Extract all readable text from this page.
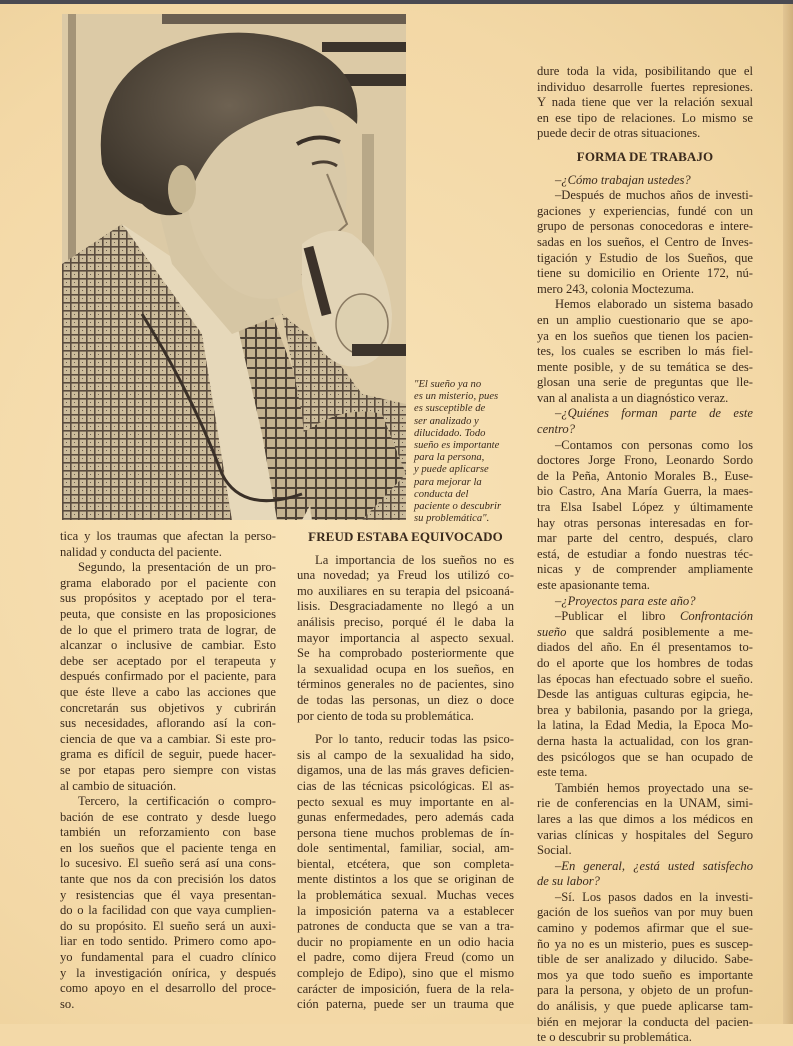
"El sueño ya no
es un misterio, pues
es susceptible de
ser analizado y
dilucidado. Todo
sueño es importante
para la persona,
y puede aplicarse
para mejorar la
conducta del
paciente o descubrir
su problemática".
tica y los traumas que afectan la perso-
nalidad y conducta del paciente.
Segundo, la presentación de un pro-
grama elaborado por el paciente con
sus propósitos y aceptado por el tera-
peuta, que consiste en las proposiciones
de lo que el primero trata de lograr, de
alcanzar o inclusive de cambiar. Esto
debe ser aceptado por el terapeuta y
después confirmado por el paciente, para
que éste lleve a cabo las acciones que
concretarán sus objetivos y cubrirán
sus necesidades, aflorando así la con-
ciencia de que va a cambiar. Si este pro-
grama es difícil de seguir, puede hacer-
se por etapas pero siempre con vistas
al cambio de situación.
Tercero, la certificación o compro-
bación de ese contrato y desde luego
también un reforzamiento con base
en los sueños que el paciente tenga en
lo sucesivo. El sueño será así una cons-
tante que nos da con precisión los datos
y resistencias que él vaya presentan-
do o la facilidad con que vaya cumplien-
do su propósito. El sueño será un auxi-
liar en todo sentido. Primero como apo-
yo fundamental para el cuadro clínico
y la investigación onírica, y después
como apoyo en el desarrollo del proce-
so.
FREUD ESTABA EQUIVOCADO
La importancia de los sueños no es
una novedad; ya Freud los utilizó co-
mo auxiliares en su terapia del psicoaná-
lisis. Desgraciadamente no llegó a un
análisis preciso, porqué él le daba la
mayor importancia al aspecto sexual.
Se ha comprobado posteriormente que
la sexualidad ocupa en los sueños, en
términos generales no de pacientes, sino
de todas las personas, un diez o doce
por ciento de toda su problemática.
Por lo tanto, reducir todas las psico-
sis al campo de la sexualidad ha sido,
digamos, una de las más graves deficien-
cias de las técnicas psicológicas. El as-
pecto sexual es muy importante en al-
gunas enfermedades, pero además cada
persona tiene muchos problemas de ín-
dole sentimental, familiar, social, am-
biental, etcétera, que son completa-
mente distintos a los que se originan de
la problemática sexual. Muchas veces
la imposición paterna va a establecer
patrones de conducta que se van a tra-
ducir no propiamente en un odio hacia
el padre, como dijera Freud (como un
complejo de Edipo), sino que el mismo
carácter de imposición, fuera de la rela-
ción paterna, puede ser un trauma que
dure toda la vida, posibilitando que el
individuo desarrolle fuertes represiones.
Y nada tiene que ver la relación sexual
en ese tipo de relaciones. Lo mismo se
puede decir de otras situaciones.
FORMA DE TRABAJO
–¿Cómo trabajan ustedes?
–Después de muchos años de investi-
gaciones y experiencias, fundé con un
grupo de personas conocedoras e intere-
sadas en los sueños, el Centro de Inves-
tigación y Estudio de los Sueños, que
tiene su domicilio en Oriente 172, nú-
mero 243, colonia Moctezuma.
Hemos elaborado un sistema basado
en un amplio cuestionario que se apo-
ya en los sueños que tienen los pacien-
tes, los cuales se escriben lo más fiel-
mente posible, y de su temática se des-
glosan una serie de preguntas que lle-
van al analista a un diagnóstico veraz.
–¿Quiénes forman parte de este
centro?
–Contamos con personas como los
doctores Jorge Frono, Leonardo Sordo
de la Peña, Antonio Morales B., Euse-
bio Castro, Ana María Guerra, la maes-
tra Elsa Isabel López y últimamente
hay otras personas interesadas en for-
mar parte del centro, después, claro
está, de estudiar a fondo nuestras téc-
nicas y de comprender ampliamente
este apasionante tema.
–¿Proyectos para este año?
–Publicar el libro Confrontación
sueño que saldrá posiblemente a me-
diados del año. En él presentamos to-
do el aporte que los hombres de todas
las épocas han efectuado sobre el sueño.
Desde las antiguas culturas egipcia, he-
brea y babilonia, pasando por la griega,
la latina, la Edad Media, la Epoca Mo-
derna hasta la actualidad, con los gran-
des psicólogos que se han ocupado de
este tema.
También hemos proyectado una se-
rie de conferencias en la UNAM, simi-
lares a las que dimos a los médicos en
varias clínicas y hospitales del Seguro
Social.
–En general, ¿está usted satisfecho
de su labor?
–Sí. Los pasos dados en la investi-
gación de los sueños van por muy buen
camino y podemos afirmar que el sue-
ño ya no es un misterio, pues es suscep-
tible de ser analizado y dilucido. Sabe-
mos ya que todo sueño es importante
para la persona, y objeto de un profun-
do análisis, y que puede aplicarse tam-
bién en mejorar la conducta del pacien-
te o descubrir su problemática.
